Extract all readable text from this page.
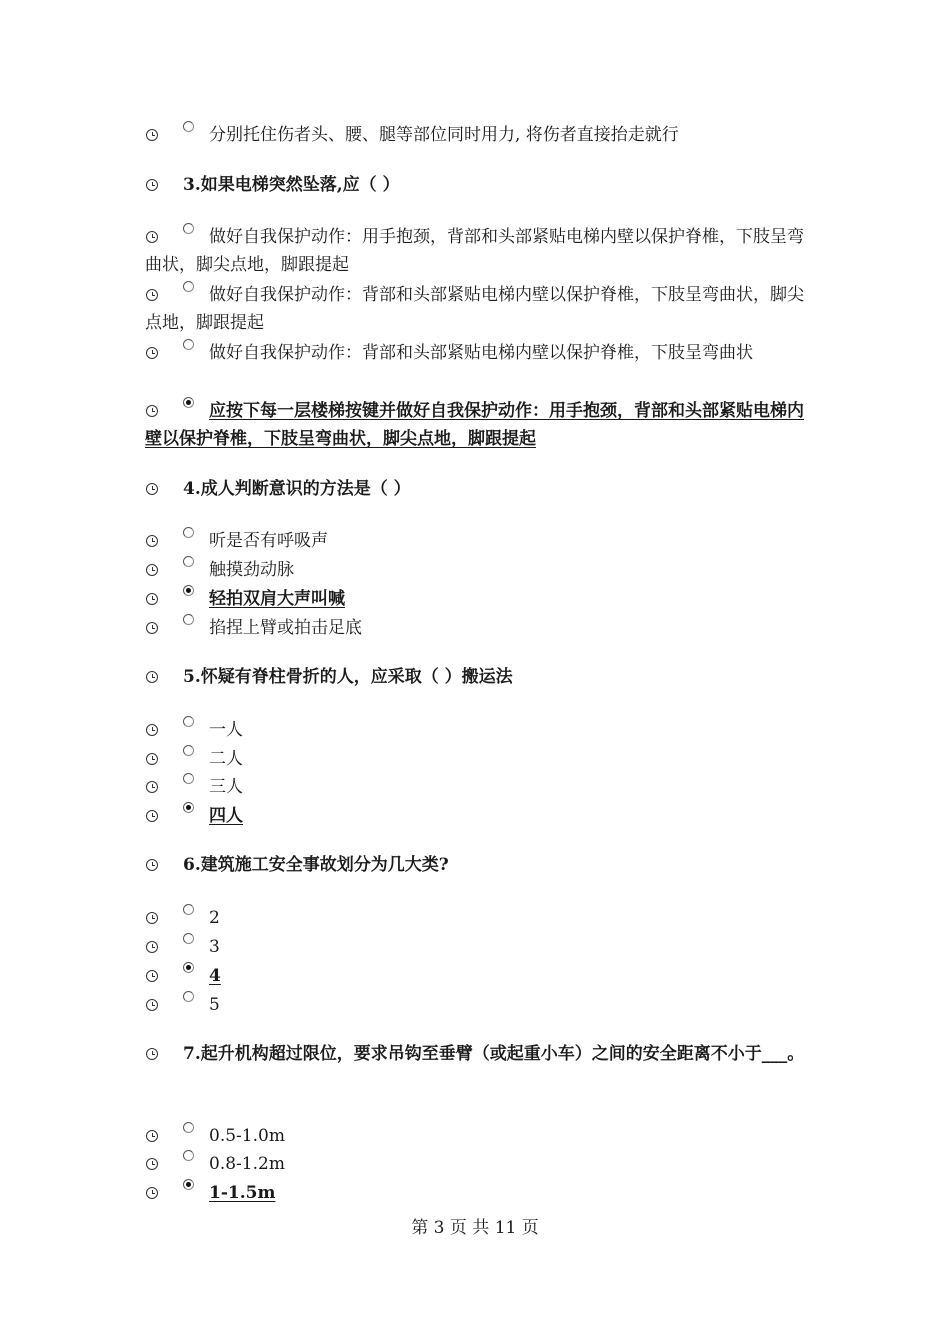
分别托住伤者头、腰、腿等部位同时用力, 将伤者直接抬走就行
3.如果电梯突然坠落,应（ ）
做好自我保护动作：用手抱颈，背部和头部紧贴电梯内壁以保护脊椎，下肢呈弯曲状，脚尖点地，脚跟提起
做好自我保护动作：背部和头部紧贴电梯内壁以保护脊椎，下肢呈弯曲状，脚尖点地，脚跟提起
做好自我保护动作：背部和头部紧贴电梯内壁以保护脊椎，下肢呈弯曲状
应按下每一层楼梯按键并做好自我保护动作：用手抱颈，背部和头部紧贴电梯内壁以保护脊椎，下肢呈弯曲状，脚尖点地，脚跟提起
4.成人判断意识的方法是（ ）
听是否有呼吸声
触摸劲动脉
轻拍双肩大声叫喊
掐捏上臂或拍击足底
5.怀疑有脊柱骨折的人，应采取（ ）搬运法
一人
二人
三人
四人
6.建筑施工安全事故划分为几大类?
2
3
4
5
7.起升机构超过限位，要求吊钩至垂臂（或起重小车）之间的安全距离不小于___。
0.5-1.0m
0.8-1.2m
1-1.5m
第 3 页 共 11 页
